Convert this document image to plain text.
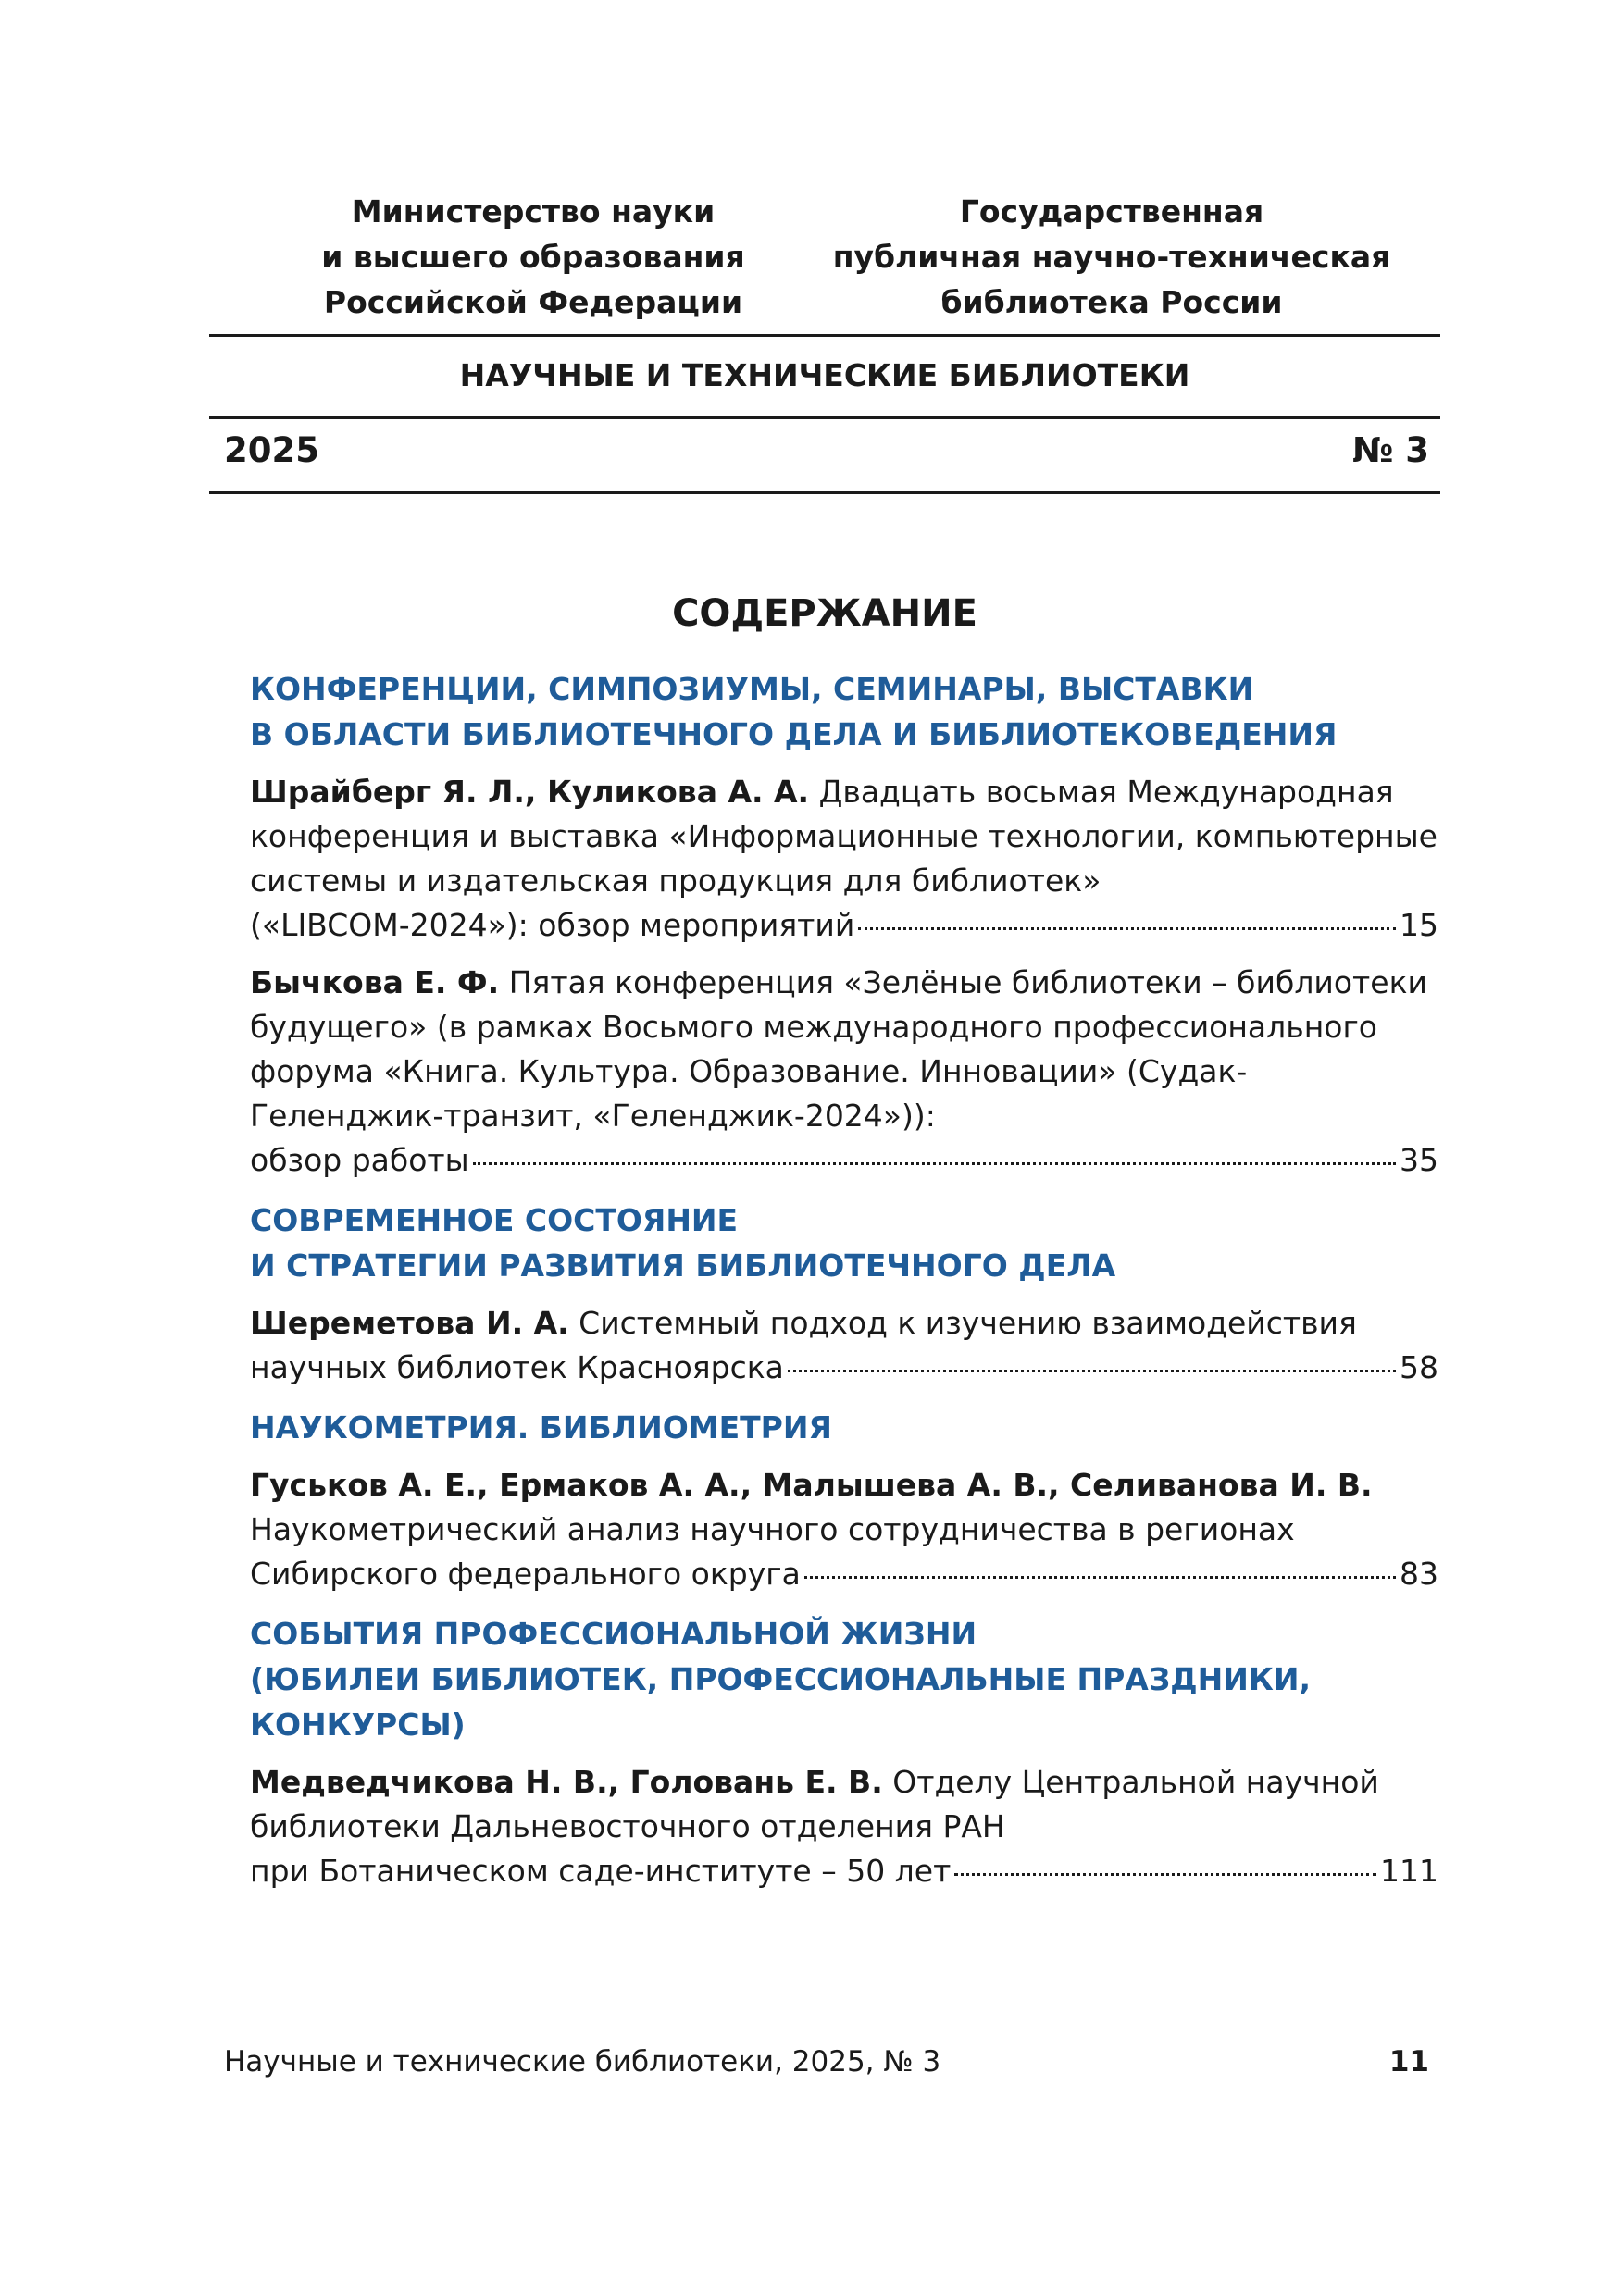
Министерство науки
и высшего образования
Российской Федерации
Государственная
публичная научно-техническая
библиотека России
НАУЧНЫЕ И ТЕХНИЧЕСКИЕ БИБЛИОТЕКИ
2025	№ 3
СОДЕРЖАНИЕ
КОНФЕРЕНЦИИ, СИМПОЗИУМЫ, СЕМИНАРЫ, ВЫСТАВКИ
В ОБЛАСТИ БИБЛИОТЕЧНОГО ДЕЛА И БИБЛИОТЕКОВЕДЕНИЯ
Шрайберг Я. Л., Куликова А. А. Двадцать восьмая Международная конференция и выставка «Информационные технологии, компьютерные системы и издательская продукция для библиотек»
(«LIBCOM-2024»): обзор мероприятий	15
Бычкова Е. Ф. Пятая конференция «Зелёные библиотеки – библиотеки будущего» (в рамках Восьмого международного профессионального форума «Книга. Культура. Образование. Инновации» (Судак-Геленджик-транзит, «Геленджик-2024»)):
обзор работы	35
СОВРЕМЕННОЕ СОСТОЯНИЕ
И СТРАТЕГИИ РАЗВИТИЯ БИБЛИОТЕЧНОГО ДЕЛА
Шереметова И. А. Системный подход к изучению взаимодействия
научных библиотек Красноярска	58
НАУКОМЕТРИЯ. БИБЛИОМЕТРИЯ
Гуськов А. Е., Ермаков А. А., Малышева А. В., Селиванова И. В. Наукометрический анализ научного сотрудничества в регионах
Сибирского федерального округа	83
СОБЫТИЯ ПРОФЕССИОНАЛЬНОЙ ЖИЗНИ
(ЮБИЛЕИ БИБЛИОТЕК, ПРОФЕССИОНАЛЬНЫЕ ПРАЗДНИКИ,
КОНКУРСЫ)
Медведчикова Н. В., Головань Е. В. Отделу Центральной научной библиотеки Дальневосточного отделения РАН
при Ботаническом саде-институте – 50 лет	111
Научные и технические библиотеки, 2025, № 3	11
